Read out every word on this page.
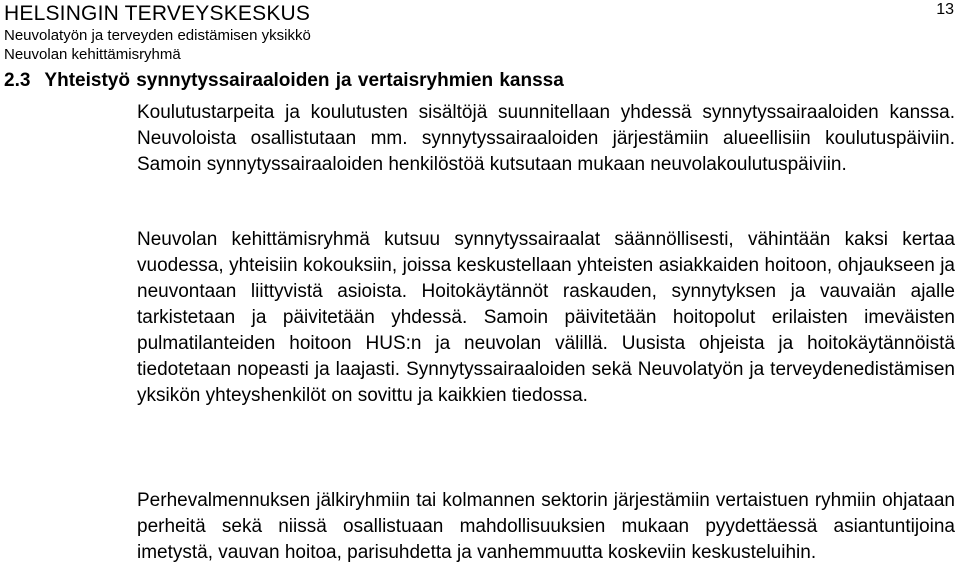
HELSINGIN TERVEYSKESKUS
Neuvolatyön ja terveyden edistämisen yksikkö
Neuvolan kehittämisryhmä
13
2.3 Yhteistyö synnytyssairaaloiden ja vertaisryhmien kanssa

Koulutustarpeita ja koulutusten sisältöjä suunnitellaan yhdessä synnytyssairaaloiden kanssa. Neuvoloista osallistutaan mm. synnytyssairaaloiden järjestämiin alueellisiin koulutuspäiviin. Samoin synnytyssairaaloiden henkilöstöä kutsutaan mukaan neuvolakoulutuspäiviin.

Neuvolan kehittämisryhmä kutsuu synnytyssairaalat säännöllisesti, vähintään kaksi kertaa vuodessa, yhteisiin kokouksiin, joissa keskustellaan yhteisten asiakkaiden hoitoon, ohjaukseen ja neuvontaan liittyvistä asioista. Hoitokäytännöt raskauden, synnytyksen ja vauvaiän ajalle tarkistetaan ja päivitetään yhdessä. Samoin päivitetään hoitopolut erilaisten imeväisten pulmatilanteiden hoitoon HUS:n ja neuvolan välillä. Uusista ohjeista ja hoitokäytännöistä tiedotetaan nopeasti ja laajasti. Synnytyssairaaloiden sekä Neuvolatyön ja terveydenedistämisen yksikön yhteyshenkilöt on sovittu ja kaikkien tiedossa.

Perhevalmennuksen jälkiryhmiin tai kolmannen sektorin järjestämiin vertaistuen ryhmiin ohjataan perheitä sekä niissä osallistuaan mahdollisuuksien mukaan pyydettäessä asiantuntijoina imetystä, vauvan hoitoa, parisuhdetta ja vanhemmuutta koskeviin keskusteluihin.
